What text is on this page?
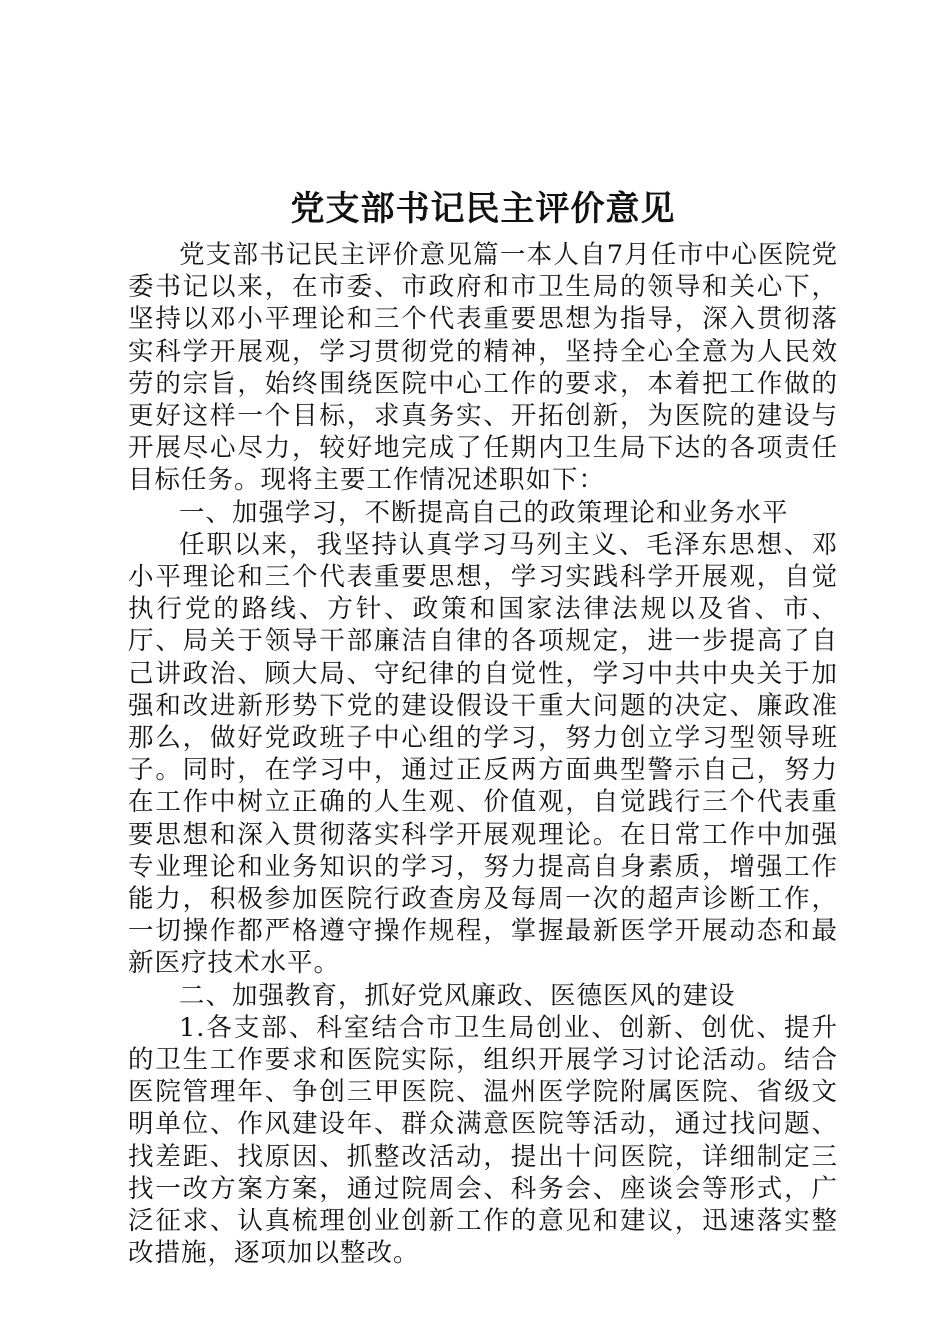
党支部书记民主评价意见

党支部书记民主评价意见篇一本人自7月任市中心医院党委书记以来，在市委、市政府和市卫生局的领导和关心下，坚持以邓小平理论和三个代表重要思想为指导，深入贯彻落实科学开展观，学习贯彻党的精神，坚持全心全意为人民效劳的宗旨，始终围绕医院中心工作的要求，本着把工作做的更好这样一个目标，求真务实、开拓创新，为医院的建设与开展尽心尽力，较好地完成了任期内卫生局下达的各项责任目标任务。现将主要工作情况述职如下：

一、加强学习，不断提高自己的政策理论和业务水平

任职以来，我坚持认真学习马列主义、毛泽东思想、邓小平理论和三个代表重要思想，学习实践科学开展观，自觉执行党的路线、方针、政策和国家法律法规以及省、市、厅、局关于领导干部廉洁自律的各项规定，进一步提高了自己讲政治、顾大局、守纪律的自觉性，学习中共中央关于加强和改进新形势下党的建设假设干重大问题的决定、廉政准那么，做好党政班子中心组的学习，努力创立学习型领导班子。同时，在学习中，通过正反两方面典型警示自己，努力在工作中树立正确的人生观、价值观，自觉践行三个代表重要思想和深入贯彻落实科学开展观理论。在日常工作中加强专业理论和业务知识的学习，努力提高自身素质，增强工作能力，积极参加医院行政查房及每周一次的超声诊断工作，一切操作都严格遵守操作规程，掌握最新医学开展动态和最新医疗技术水平。

二、加强教育，抓好党风廉政、医德医风的建设

1.各支部、科室结合市卫生局创业、创新、创优、提升的卫生工作要求和医院实际，组织开展学习讨论活动。结合医院管理年、争创三甲医院、温州医学院附属医院、省级文明单位、作风建设年、群众满意医院等活动，通过找问题、找差距、找原因、抓整改活动，提出十问医院，详细制定三找一改方案方案，通过院周会、科务会、座谈会等形式，广泛征求、认真梳理创业创新工作的意见和建议，迅速落实整改措施，逐项加以整改。
